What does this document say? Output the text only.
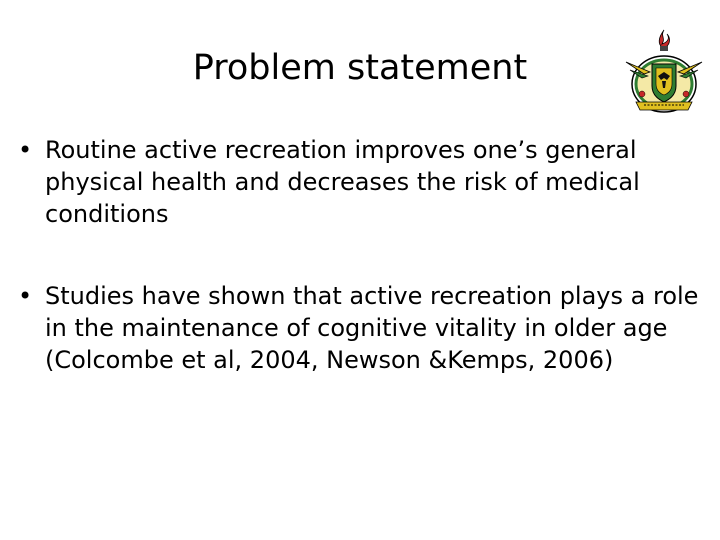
Problem statement
• Routine active recreation improves one’s general physical health and decreases the risk of medical conditions
• Studies have shown that active recreation plays a role in the maintenance of cognitive vitality in older age (Colcombe et al, 2004, Newson &Kemps, 2006)
